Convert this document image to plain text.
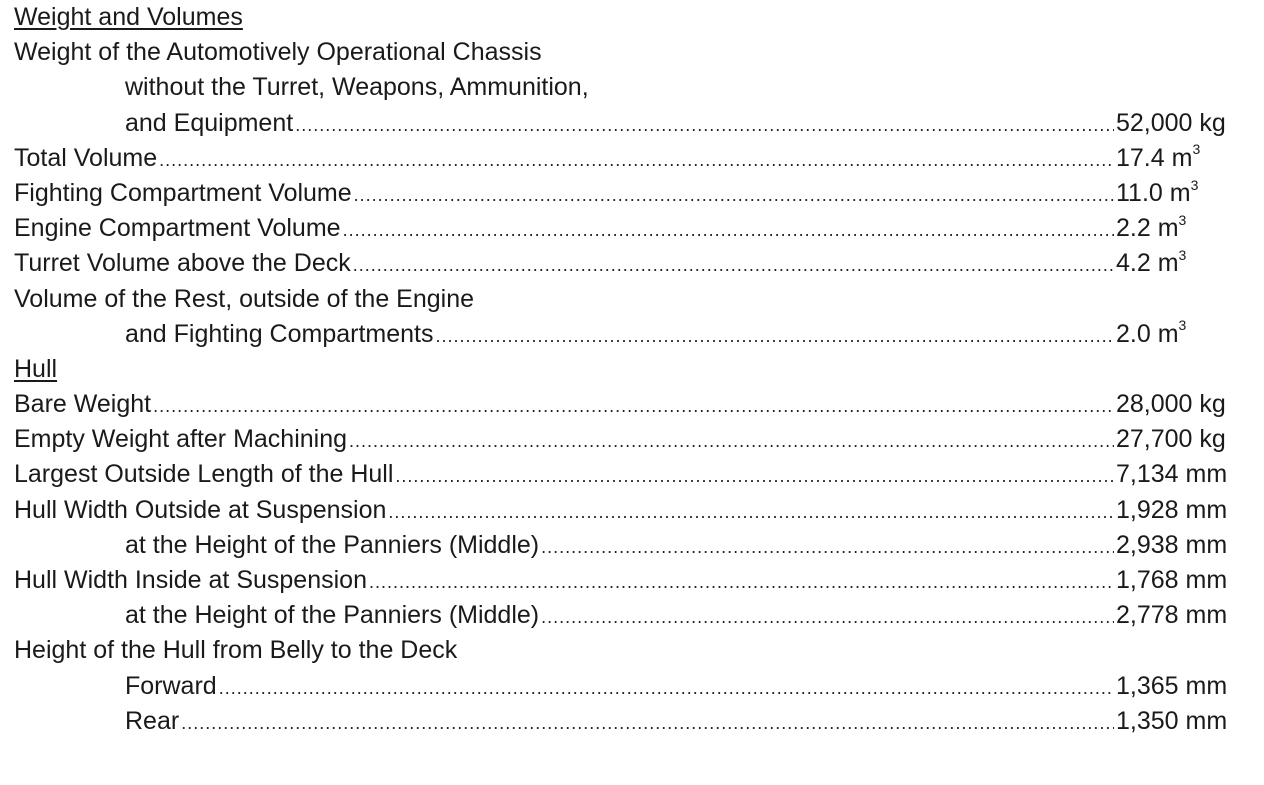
Weight and Volumes
Weight of the Automotively Operational Chassis
without the Turret, Weapons, Ammunition,
and Equipment .....	52,000 kg
Total Volume .....	17.4 $m^3$
Fighting Compartment Volume .....	11.0 $m^3$
Engine Compartment Volume .....	2.2 $m^3$
Turret Volume above the Deck .....	4.2 $m^3$
Volume of the Rest, outside of the Engine
and Fighting Compartments .....	2.0 $m^3$
Hull
Bare Weight .....	28,000 kg
Empty Weight after Machining .....	27,700 kg
Largest Outside Length of the Hull .....	7,134 mm
Hull Width Outside at Suspension .....	1,928 mm
at the Height of the Panniers (Middle) .....	2,938 mm
Hull Width Inside at Suspension .....	1,768 mm
at the Height of the Panniers (Middle) .....	2,778 mm
Height of the Hull from Belly to the Deck
Forward .....	1,365 mm
Rear .....	1,350 mm
